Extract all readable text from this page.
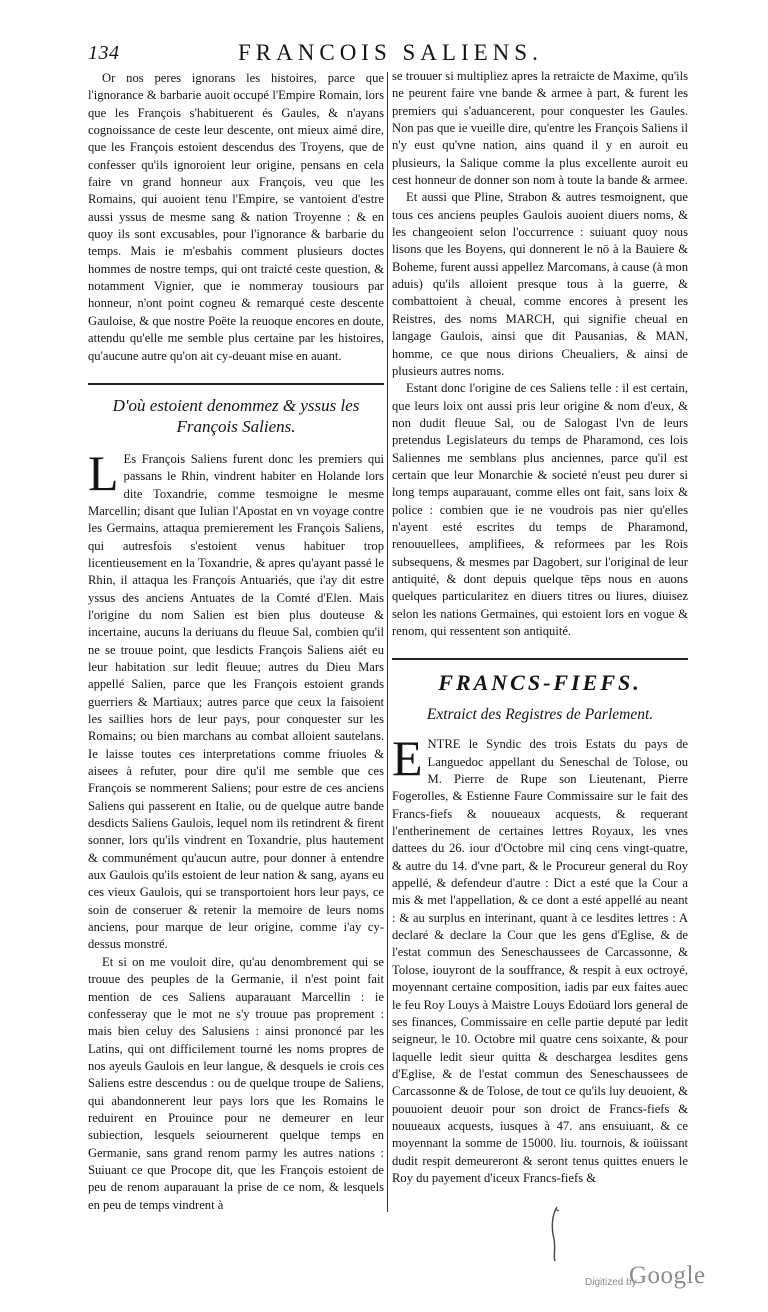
134	FRANCOIS SALIENS.

Or nos peres ignorans les histoires, parce que l'ignorance & barbarie auoit occupé l'Empire Romain, lors que les François s'habituerent és Gaules, & n'ayans cognoissance de ceste leur descente, ont mieux aimé dire, que les François estoient descendus des Troyens, que de confesser qu'ils ignoroient leur origine, pensans en cela faire vn grand honneur aux François, veu que les Romains, qui auoient tenu l'Empire, se vantoient d'estre aussi yssus de mesme sang & nation Troyenne : & en quoy ils sont excusables, pour l'ignorance & barbarie du temps. Mais ie m'esbahis comment plusieurs doctes hommes de nostre temps, qui ont traicté ceste question, & notamment Vignier, que ie nommeray tousiours par honneur, n'ont point cogneu & remarqué ceste descente Gauloise, & que nostre Poëte la reuoque encores en doute, attendu qu'elle me semble plus certaine par les histoires, qu'aucune autre qu'on ait cy-deuant mise en auant.

D'où estoient denommez & yssus les François Saliens.

L Es François Saliens furent donc les premiers qui passans le Rhin, vindrent habiter en Holande lors dite Toxandrie, comme tesmoigne le mesme Marcellin; disant que Iulian l'Apostat en vn voyage contre les Germains, attaqua premierement les François Saliens, qui autresfois s'estoient venus habituer trop licentieusement en la Toxandrie, & apres qu'ayant passé le Rhin, il attaqua les François Antuariés, que i'ay dit estre yssus des anciens Antuates de la Comté d'Elen. Mais l'origine du nom Salien est bien plus douteuse & incertaine, aucuns la deriuans du fleuue Sal, combien qu'il ne se trouue point, que lesdicts François Saliens aiét eu leur habitation sur ledit fleuue; autres du Dieu Mars appellé Salien, parce que les François estoient grands guerriers & Martiaux; autres parce que ceux la faisoient les saillies hors de leur pays, pour conquester sur les Romains; ou bien marchans au combat alloient sautelans. Ie laisse toutes ces interpretations comme friuoles & aisees à refuter, pour dire qu'il me semble que ces François se nommerent Saliens; pour estre de ces anciens Saliens qui passerent en Italie, ou de quelque autre bande desdicts Saliens Gaulois, lequel nom ils retindrent & firent sonner, lors qu'ils vindrent en Toxandrie, plus hautement & communément qu'aucun autre, pour donner à entendre aux Gaulois qu'ils estoient de leur nation & sang, ayans eu ces vieux Gaulois, qui se transportoient hors leur pays, ce soin de conseruer & retenir la memoire de leurs noms anciens, pour marque de leur origine, comme i'ay cy-dessus monstré.

Et si on me vouloit dire, qu'au denombrement qui se trouue des peuples de la Germanie, il n'est point fait mention de ces Saliens auparauant Marcellin : ie confesseray que le mot ne s'y trouue pas proprement : mais bien celuy des Salusiens : ainsi prononcé par les Latins, qui ont difficilement tourné les noms propres de nos ayeuls Gaulois en leur langue, & desquels ie crois ces Saliens estre descendus : ou de quelque troupe de Saliens, qui abandonnerent leur pays lors que les Romains le reduirent en Prouince pour ne demeurer en leur subiection, lesquels seiournerent quelque temps en Germanie, sans grand renom parmy les autres nations : Suiuant ce que Procope dit, que les François estoient de peu de renom auparauant la prise de ce nom, & lesquels en peu de temps vindrent à

se trouuer si multipliez apres la retraicte de Maxime, qu'ils ne peurent faire vne bande & armee à part, & furent les premiers qui s'aduancerent, pour conquester les Gaules. Non pas que ie vueille dire, qu'entre les François Saliens il n'y eust qu'vne nation, ains quand il y en auroit eu plusieurs, la Salique comme la plus excellente auroit eu cest honneur de donner son nom à toute la bande & armee.

Et aussi que Pline, Strabon & autres tesmoignent, que tous ces anciens peuples Gaulois auoient diuers noms, & les changeoient selon l'occurrence : suiuant quoy nous lisons que les Boyens, qui donnerent le nō à la Bauiere & Boheme, furent aussi appellez Marcomans, à cause (à mon aduis) qu'ils alloient presque tous à la guerre, & combattoient à cheual, comme encores à present les Reistres, des noms MARCH, qui signifie cheual en langage Gaulois, ainsi que dit Pausanias, & MAN, homme, ce que nous dirions Cheualiers, & ainsi de plusieurs autres noms.

Estant donc l'origine de ces Saliens telle : il est certain, que leurs loix ont aussi pris leur origine & nom d'eux, & non dudit fleuue Sal, ou de Salogast l'vn de leurs pretendus Legislateurs du temps de Pharamond, ces lois Saliennes me semblans plus anciennes, parce qu'il est certain que leur Monarchie & societé n'eust peu durer si long temps auparauant, comme elles ont fait, sans loix & police : combien que ie ne voudrois pas nier qu'elles n'ayent esté escrites du temps de Pharamond, renouuellees, amplifiees, & reformees par les Rois subsequens, & mesmes par Dagobert, sur l'original de leur antiquité, & dont depuis quelque tēps nous en auons quelques particularitez en diuers titres ou liures, diuisez selon les nations Germaines, qui estoient lors en vogue & renom, qui ressentent son antiquité.

FRANCS-FIEFS.
Extraict des Registres de Parlement.

ENTRE le Syndic des trois Estats du pays de Languedoc appellant du Seneschal de Tolose, ou M. Pierre de Rupe son Lieutenant, Pierre Fogerolles, & Estienne Faure Commissaire sur le fait des Francs-fiefs & nouueaux acquests, & requerant l'entherinement de certaines lettres Royaux, les vnes dattees du 26. iour d'Octobre mil cinq cens vingt-quatre, & autre du 14. d'vne part, & le Procureur general du Roy appellé, & defendeur d'autre : Dict a esté que la Cour a mis & met l'appellation, & ce dont a esté appellé au neant : & au surplus en interinant, quant à ce lesdites lettres : A declaré & declare la Cour que les gens d'Eglise, & de l'estat commun des Seneschaussees de Carcassonne, & Tolose, iouyront de la souffrance, & respit à eux octroyé, moyennant certaine composition, iadis par eux faites auec le feu Roy Louys à Maistre Louys Edoüard lors general de ses finances, Commissaire en celle partie deputé par ledit seigneur, le 10. Octobre mil quatre cens soixante, & pour laquelle ledit sieur quitta & deschargea lesdites gens d'Eglise, & de l'estat commun des Seneschaussees de Carcassonne & de Tolose, de tout ce qu'ils luy deuoient, & pouuoient deuoir pour son droict de Francs-fiefs & nouueaux acquests, iusques à 47. ans ensuiuant, & ce moyennant la somme de 15000. liu. tournois, & ioüissant dudit respit demeureront & seront tenus quittes enuers le Roy du payement d'iceux Francs-fiefs &

Digitized by
Google
